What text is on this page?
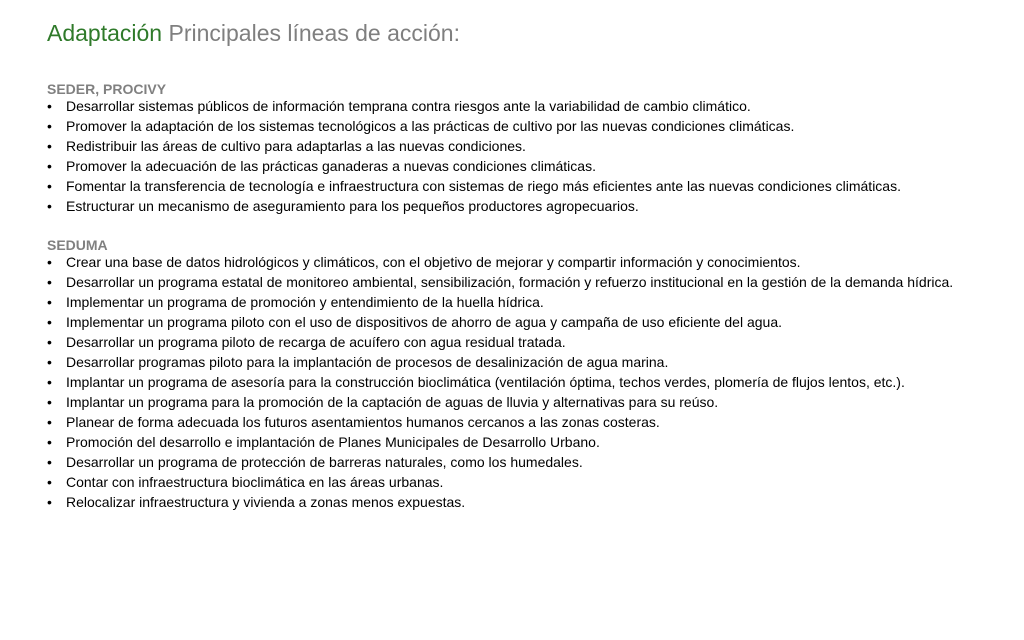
Adaptación Principales líneas de acción:
SEDER, PROCIVY
•	Desarrollar sistemas públicos de información temprana contra riesgos ante la variabilidad de cambio climático.
•	Promover la adaptación de los sistemas tecnológicos a las prácticas de cultivo por las nuevas condiciones climáticas.
•	Redistribuir las áreas de cultivo para adaptarlas a las nuevas condiciones.
•	Promover la adecuación de las prácticas ganaderas a nuevas condiciones climáticas.
•	Fomentar la transferencia de tecnología e infraestructura con sistemas de riego más eficientes ante las nuevas condiciones climáticas.
•	Estructurar un mecanismo de aseguramiento para los pequeños productores agropecuarios.
SEDUMA
•	Crear una base de datos hidrológicos y climáticos, con el objetivo de mejorar y compartir información y conocimientos.
•	Desarrollar un programa estatal de monitoreo ambiental, sensibilización, formación y refuerzo institucional en la gestión de la demanda hídrica.
•	Implementar un programa de promoción y entendimiento de la huella hídrica.
•	Implementar un programa piloto con el uso de dispositivos de ahorro de agua y campaña de uso eficiente del agua.
•	Desarrollar un programa piloto de recarga de acuífero con agua residual tratada.
•	Desarrollar programas piloto para la implantación de procesos de desalinización de agua marina.
•	Implantar un programa de asesoría para la construcción bioclimática (ventilación óptima, techos verdes, plomería de flujos lentos, etc.).
•	Implantar un programa para la promoción de la captación de aguas de lluvia y alternativas para su reúso.
•	Planear de forma adecuada los futuros asentamientos humanos cercanos a las zonas costeras.
•	Promoción del desarrollo e implantación de Planes Municipales de Desarrollo Urbano.
•	Desarrollar un programa de protección de barreras naturales, como los humedales.
•	Contar con infraestructura bioclimática en las áreas urbanas.
•	Relocalizar infraestructura y vivienda a zonas menos expuestas.
